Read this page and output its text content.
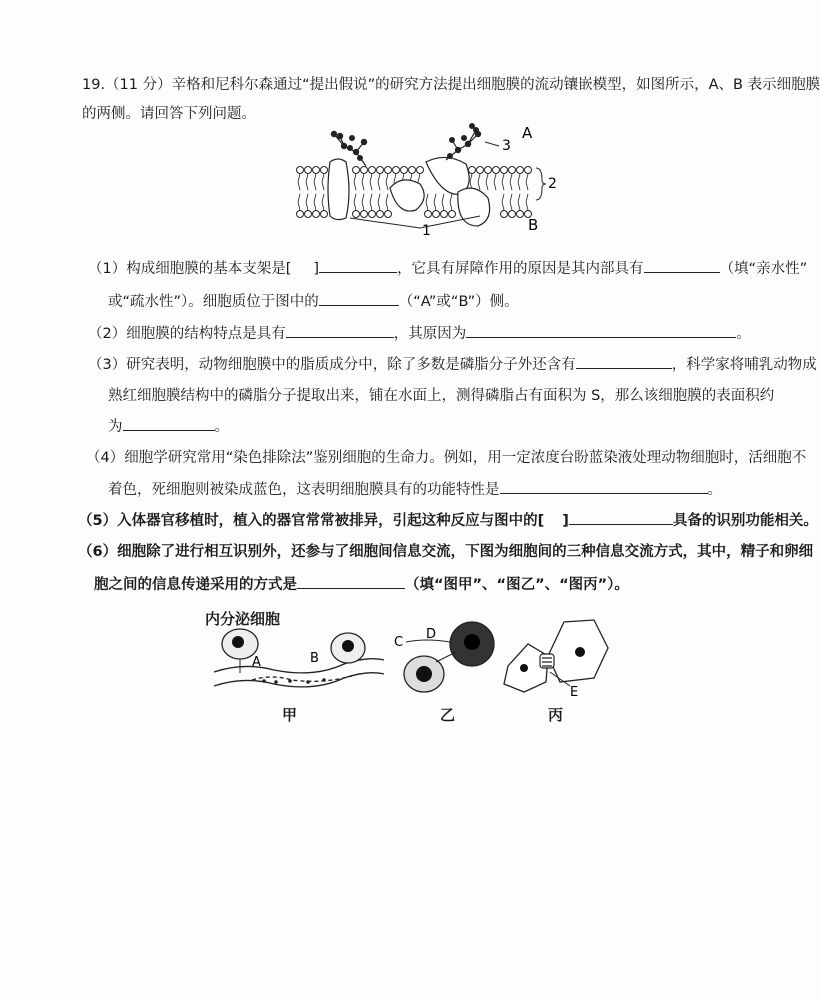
19.（11 分）辛格和尼科尔森通过“提出假说”的研究方法提出细胞膜的流动镶嵌模型，如图所示，A、B 表示细胞膜
的两侧。请回答下列问题。
3
A
2
1	B
（1）构成细胞膜的基本支架是[ ]	，它具有屏障作用的原因是其内部具有	（填“亲水性”
或“疏水性”）。细胞质位于图中的	（“A”或“B”）侧。
（2）细胞膜的结构特点是具有	，其原因为	。
（3）研究表明，动物细胞膜中的脂质成分中，除了多数是磷脂分子外还含有	，科学家将哺乳动物成
熟红细胞膜结构中的磷脂分子提取出来，铺在水面上，测得磷脂占有面积为 S，那么该细胞膜的表面积约
为	。
（4）细胞学研究常用“染色排除法”鉴别细胞的生命力。例如，用一定浓度台盼蓝染液处理动物细胞时，活细胞不
着色，死细胞则被染成蓝色，这表明细胞膜具有的功能特性是	。
（5）入体器官移植时，植入的器官常常被排异，引起这种反应与图中的[ ]	具备的识别功能相关。
（6）细胞除了进行相互识别外，还参与了细胞间信息交流，下图为细胞间的三种信息交流方式，其中，精子和卵细
胞之间的信息传递采用的方式是	（填“图甲”、“图乙”、“图丙”）。
内分泌细胞
A	B
C
D
E
甲	乙	丙
